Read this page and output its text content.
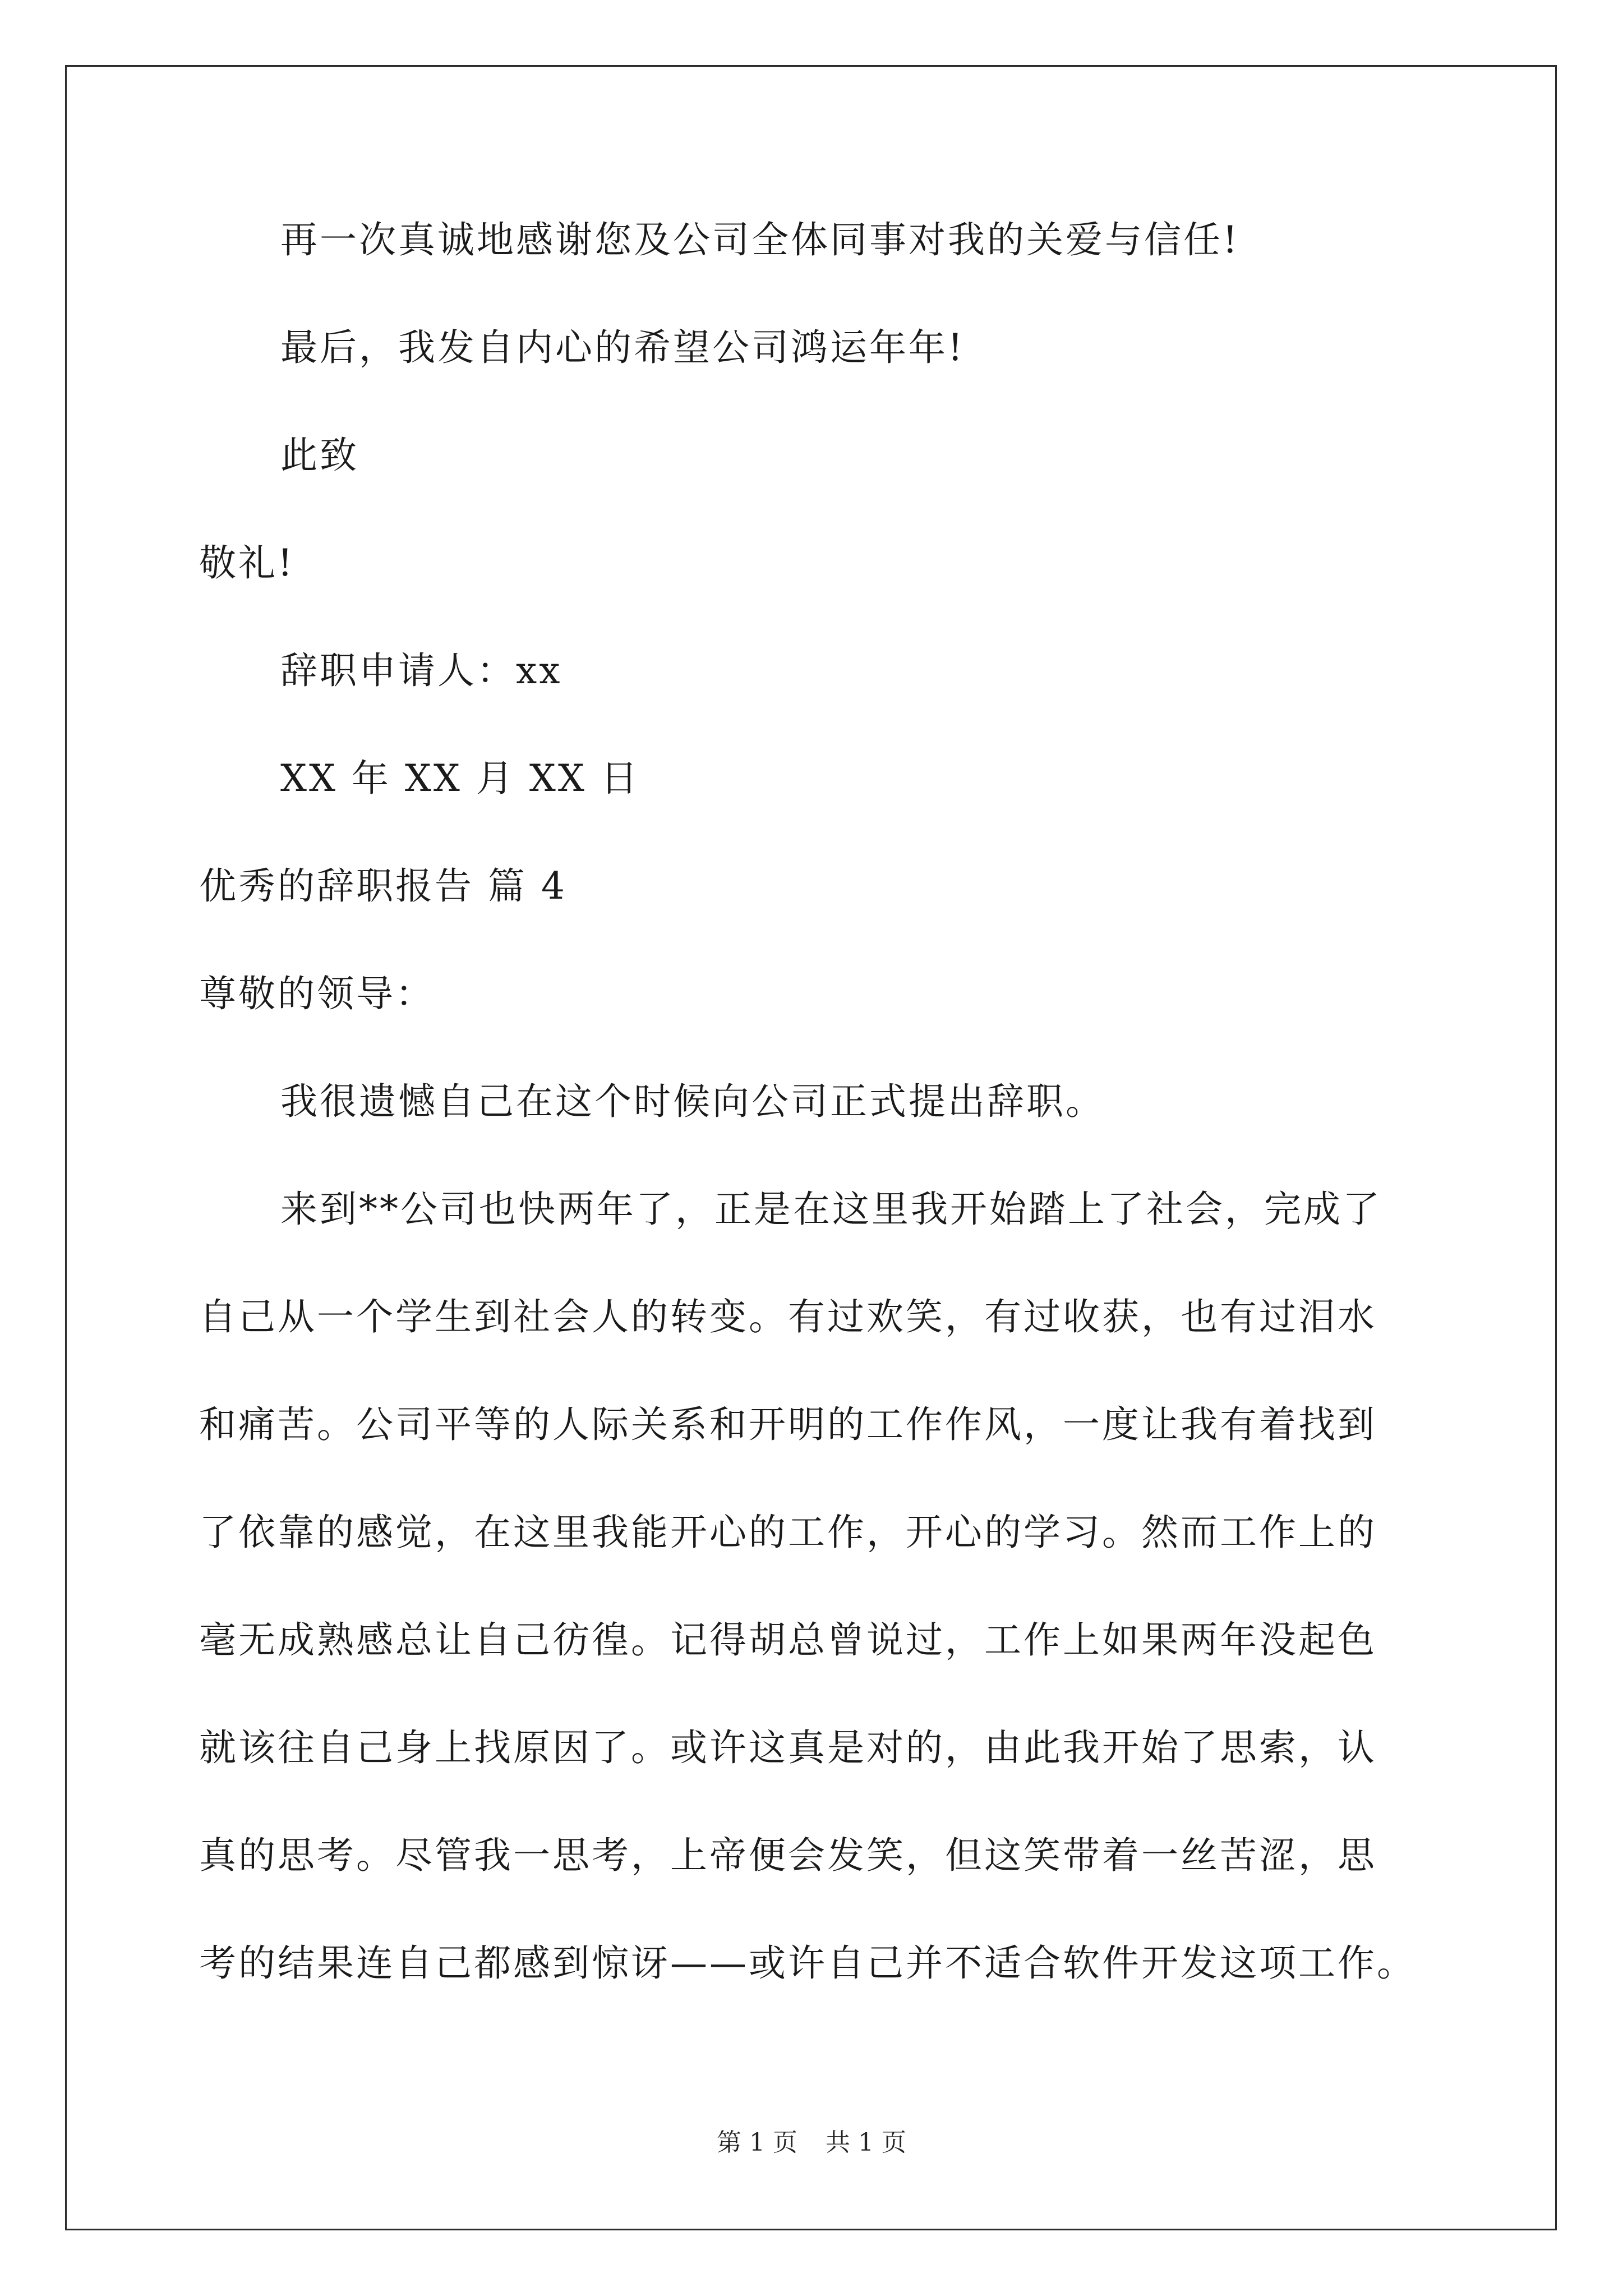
再一次真诚地感谢您及公司全体同事对我的关爱与信任!
最后，我发自内心的希望公司鸿运年年!
此致
敬礼!
辞职申请人：xx
XX 年 XX 月 XX 日
优秀的辞职报告 篇 4
尊敬的领导：
我很遗憾自己在这个时候向公司正式提出辞职。
来到**公司也快两年了，正是在这里我开始踏上了社会，完成了
自己从一个学生到社会人的转变。有过欢笑，有过收获，也有过泪水
和痛苦。公司平等的人际关系和开明的工作作风，一度让我有着找到
了依靠的感觉，在这里我能开心的工作，开心的学习。然而工作上的
毫无成熟感总让自己彷徨。记得胡总曾说过，工作上如果两年没起色
就该往自己身上找原因了。或许这真是对的，由此我开始了思索，认
真的思考。尽管我一思考，上帝便会发笑，但这笑带着一丝苦涩，思
考的结果连自己都感到惊讶——或许自己并不适合软件开发这项工作。
第 1 页 共 1 页
